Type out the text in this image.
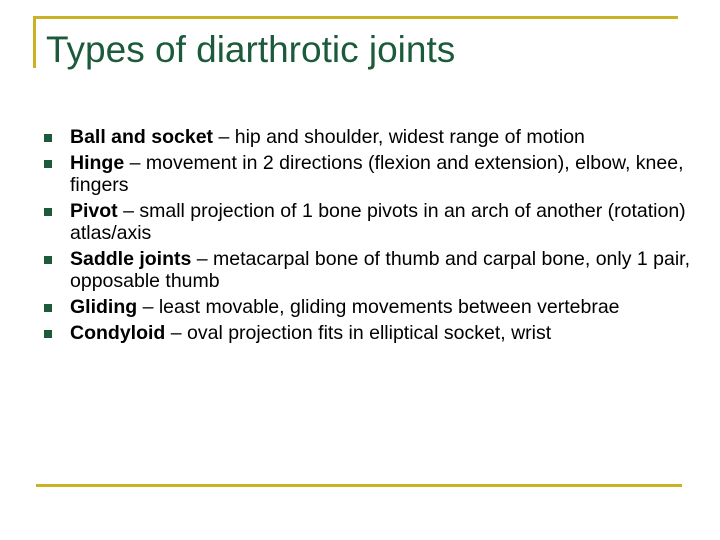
Types of diarthrotic joints
Ball and socket – hip and shoulder, widest range of motion
Hinge – movement in 2 directions (flexion and extension), elbow, knee, fingers
Pivot – small projection of 1 bone pivots in an arch of another (rotation) atlas/axis
Saddle joints – metacarpal bone of thumb and carpal bone, only 1 pair, opposable thumb
Gliding – least movable, gliding movements between vertebrae
Condyloid – oval projection fits in elliptical socket, wrist
